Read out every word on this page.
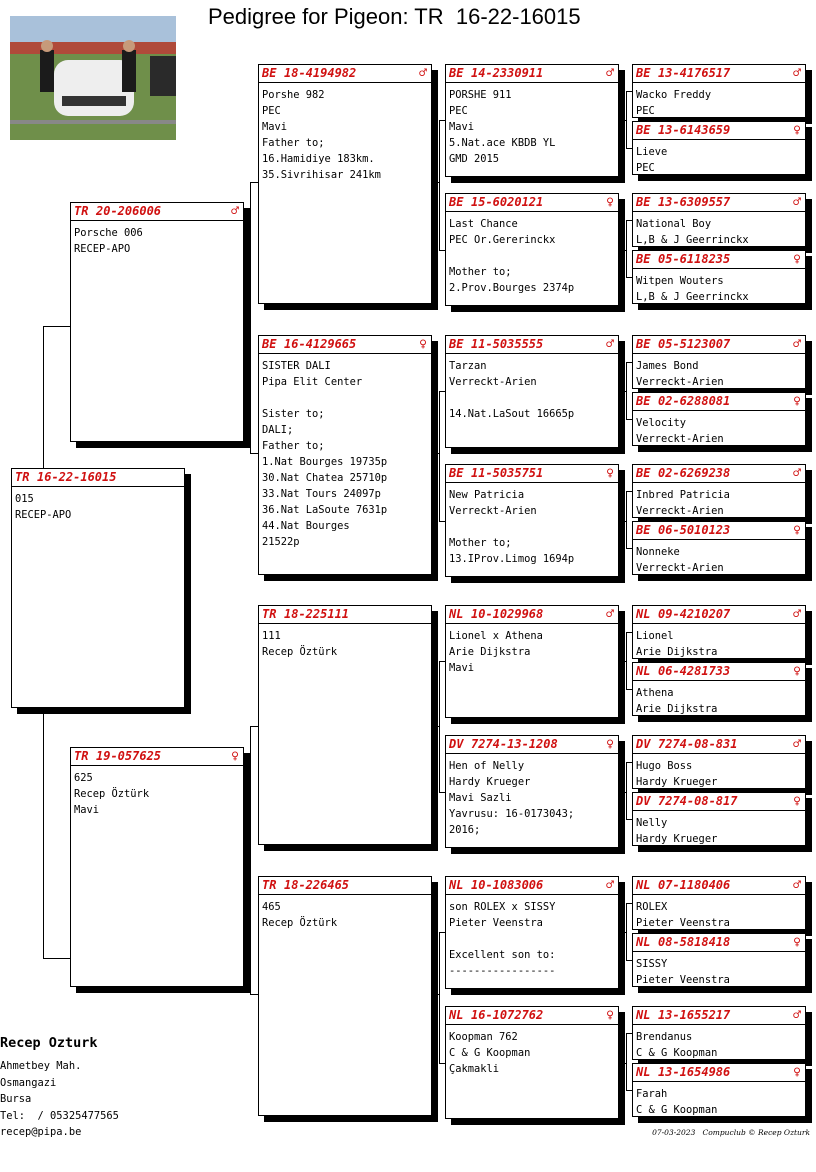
Pedigree for Pigeon: TR  16-22-16015
TR 16-22-16015
015
RECEP-APO
TR 20-206006	♂
Porsche 006
RECEP-APO
TR 19-057625	♀
625
Recep Öztürk
Mavi
BE 18-4194982	♂
Porshe 982
PEC
Mavi
Father to;
16.Hamidiye 183km.
35.Sivrihisar 241km
BE 16-4129665	♀
SISTER DALI
Pipa Elit Center

Sister to;
DALI;
Father to;
1.Nat Bourges 19735p
30.Nat Chatea 25710p
33.Nat Tours 24097p
36.Nat LaSoute 7631p
44.Nat Bourges
21522p
TR 18-225111
111
Recep Öztürk
TR 18-226465
465
Recep Öztürk
BE 14-2330911	♂
PORSHE 911
PEC
Mavi
5.Nat.ace KBDB YL
GMD 2015
BE 15-6020121	♀
Last Chance
PEC Or.Gererinckx

Mother to;
2.Prov.Bourges 2374p
BE 11-5035555	♂
Tarzan
Verreckt-Arien

14.Nat.LaSout 16665p
BE 11-5035751	♀
New Patricia
Verreckt-Arien

Mother to;
13.IProv.Limog 1694p
NL 10-1029968	♂
Lionel x Athena
Arie Dijkstra
Mavi
DV 7274-13-1208	♀
Hen of Nelly
Hardy Krueger
Mavi Sazli
Yavrusu: 16-0173043;
2016;
NL 10-1083006	♂
son ROLEX x SISSY
Pieter Veenstra

Excellent son to:
-----------------
NL 16-1072762	♀
Koopman 762
C & G Koopman
Çakmakli
BE 13-4176517	♂
Wacko Freddy
PEC
BE 13-6143659	♀
Lieve
PEC
BE 13-6309557	♂
National Boy
L,B & J Geerrinckx
BE 05-6118235	♀
Witpen Wouters
L,B & J Geerrinckx
BE 05-5123007	♂
James Bond
Verreckt-Arien
BE 02-6288081	♀
Velocity
Verreckt-Arien
BE 02-6269238	♂
Inbred Patricia
Verreckt-Arien
BE 06-5010123	♀
Nonneke
Verreckt-Arien
NL 09-4210207	♂
Lionel
Arie Dijkstra
NL 06-4281733	♀
Athena
Arie Dijkstra
DV 7274-08-831	♂
Hugo Boss
Hardy Krueger
DV 7274-08-817	♀
Nelly
Hardy Krueger
NL 07-1180406	♂
ROLEX
Pieter Veenstra
NL 08-5818418	♀
SISSY
Pieter Veenstra
NL 13-1655217	♂
Brendanus
C & G Koopman
NL 13-1654986	♀
Farah
C & G Koopman
Recep Ozturk
Ahmetbey Mah.
Osmangazi
Bursa
Tel:  / 05325477565
recep@pipa.be	07-03-2023 Compuclub © Recep Ozturk
